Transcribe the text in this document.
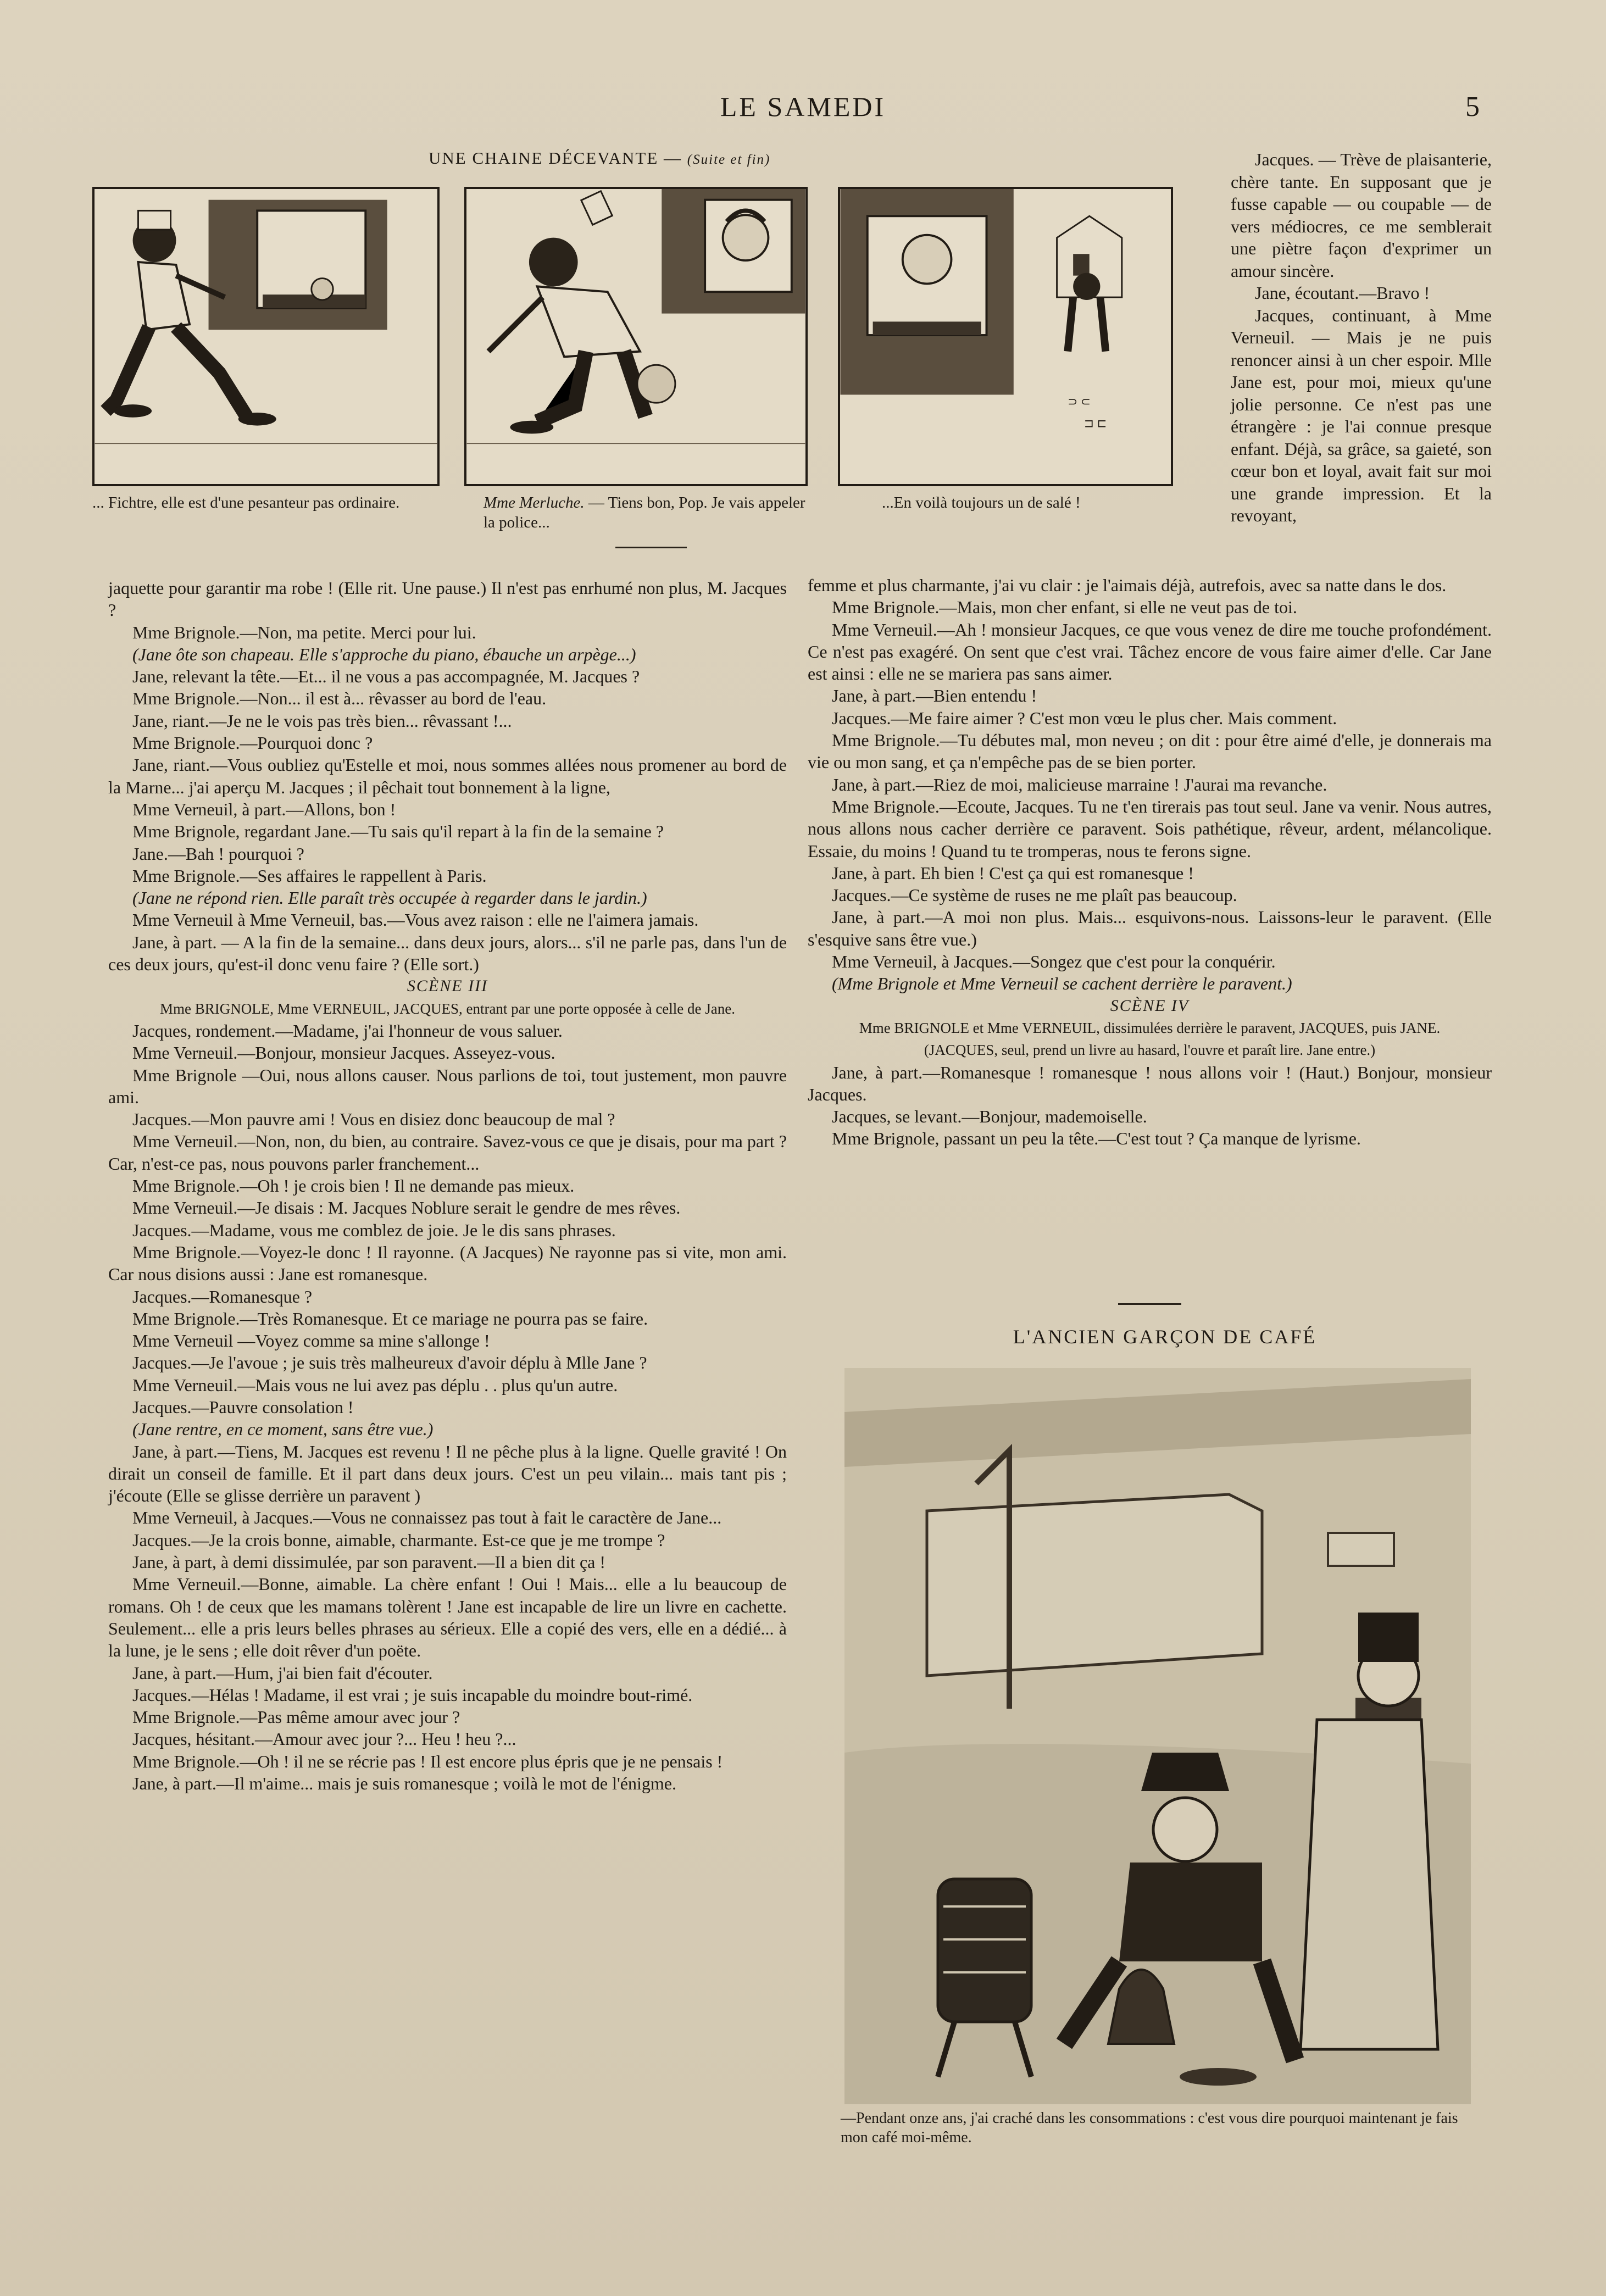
LE SAMEDI	5
UNE CHAINE DÉCEVANTE — (Suite et fin)
⊃ ⊂
⊐ ⊏
... Fichtre, elle est d'une pesanteur pas ordinaire.	Mme Merluche. — Tiens bon, Pop. Je vais appeler la police...
...En voilà toujours un de salé !

Jacques. — Trève de plaisanterie, chère tante. En supposant que je fusse capable — ou coupable — de vers médiocres, ce me semblerait une piètre façon d'exprimer un amour sincère.

Jane, écoutant.—Bravo !

Jacques, continuant, à Mme Verneuil. — Mais je ne puis renoncer ainsi à un cher espoir. Mlle Jane est, pour moi, mieux qu'une jolie personne. Ce n'est pas une étrangère : je l'ai connue presque enfant. Déjà, sa grâce, sa gaieté, son cœur bon et loyal, avait fait sur moi une grande impression. Et la revoyant,

jaquette pour garantir ma robe ! (Elle rit. Une pause.) Il n'est pas enrhumé non plus, M. Jacques ?

Mme Brignole.—Non, ma petite. Merci pour lui.

(Jane ôte son chapeau. Elle s'approche du piano, ébauche un arpège...)

Jane, relevant la tête.—Et... il ne vous a pas accompagnée, M. Jacques ?

Mme Brignole.—Non... il est à... rêvasser au bord de l'eau.

Jane, riant.—Je ne le vois pas très bien... rêvassant !...

Mme Brignole.—Pourquoi donc ?

Jane, riant.—Vous oubliez qu'Estelle et moi, nous sommes allées nous promener au bord de la Marne... j'ai aperçu M. Jacques ; il pêchait tout bonnement à la ligne,

Mme Verneuil, à part.—Allons, bon !

Mme Brignole, regardant Jane.—Tu sais qu'il repart à la fin de la semaine ?

Jane.—Bah ! pourquoi ?

Mme Brignole.—Ses affaires le rappellent à Paris.

(Jane ne répond rien. Elle paraît très occupée à regarder dans le jardin.)

Mme Verneuil à Mme Verneuil, bas.—Vous avez raison : elle ne l'aimera jamais.

Jane, à part. — A la fin de la semaine... dans deux jours, alors... s'il ne parle pas, dans l'un de ces deux jours, qu'est-il donc venu faire ? (Elle sort.)

SCÈNE III

Mme BRIGNOLE, Mme VERNEUIL, JACQUES, entrant par une porte opposée à celle de Jane.

Jacques, rondement.—Madame, j'ai l'honneur de vous saluer.

Mme Verneuil.—Bonjour, monsieur Jacques. Asseyez-vous.

Mme Brignole —Oui, nous allons causer. Nous parlions de toi, tout justement, mon pauvre ami.

Jacques.—Mon pauvre ami ! Vous en disiez donc beaucoup de mal ?

Mme Verneuil.—Non, non, du bien, au contraire. Savez-vous ce que je disais, pour ma part ? Car, n'est-ce pas, nous pouvons parler franchement...

Mme Brignole.—Oh ! je crois bien ! Il ne demande pas mieux.

Mme Verneuil.—Je disais : M. Jacques Noblure serait le gendre de mes rêves.

Jacques.—Madame, vous me comblez de joie. Je le dis sans phrases.

Mme Brignole.—Voyez-le donc ! Il rayonne. (A Jacques) Ne rayonne pas si vite, mon ami. Car nous disions aussi : Jane est romanesque.

Jacques.—Romanesque ?

Mme Brignole.—Très Romanesque. Et ce mariage ne pourra pas se faire.

Mme Verneuil —Voyez comme sa mine s'allonge !

Jacques.—Je l'avoue ; je suis très malheureux d'avoir déplu à Mlle Jane ?

Mme Verneuil.—Mais vous ne lui avez pas déplu . . plus qu'un autre.

Jacques.—Pauvre consolation !

(Jane rentre, en ce moment, sans être vue.)

Jane, à part.—Tiens, M. Jacques est revenu ! Il ne pêche plus à la ligne. Quelle gravité ! On dirait un conseil de famille. Et il part dans deux jours. C'est un peu vilain... mais tant pis ; j'écoute (Elle se glisse derrière un paravent )

Mme Verneuil, à Jacques.—Vous ne connaissez pas tout à fait le caractère de Jane...

Jacques.—Je la crois bonne, aimable, charmante. Est-ce que je me trompe ?

Jane, à part, à demi dissimulée, par son paravent.—Il a bien dit ça !

Mme Verneuil.—Bonne, aimable. La chère enfant ! Oui ! Mais... elle a lu beaucoup de romans. Oh ! de ceux que les mamans tolèrent ! Jane est incapable de lire un livre en cachette. Seulement... elle a pris leurs belles phrases au sérieux. Elle a copié des vers, elle en a dédié... à la lune, je le sens ; elle doit rêver d'un poëte.

Jane, à part.—Hum, j'ai bien fait d'écouter.

Jacques.—Hélas ! Madame, il est vrai ; je suis incapable du moindre bout-rimé.

Mme Brignole.—Pas même amour avec jour ?

Jacques, hésitant.—Amour avec jour ?... Heu ! heu ?...

Mme Brignole.—Oh ! il ne se récrie pas ! Il est encore plus épris que je ne pensais !

Jane, à part.—Il m'aime... mais je suis romanesque ; voilà le mot de l'énigme.

femme et plus charmante, j'ai vu clair : je l'aimais déjà, autrefois, avec sa natte dans le dos.

Mme Brignole.—Mais, mon cher enfant, si elle ne veut pas de toi.

Mme Verneuil.—Ah ! monsieur Jacques, ce que vous venez de dire me touche profondément. Ce n'est pas exagéré. On sent que c'est vrai. Tâchez encore de vous faire aimer d'elle. Car Jane est ainsi : elle ne se mariera pas sans aimer.

Jane, à part.—Bien entendu !

Jacques.—Me faire aimer ? C'est mon vœu le plus cher. Mais comment.

Mme Brignole.—Tu débutes mal, mon neveu ; on dit : pour être aimé d'elle, je donnerais ma vie ou mon sang, et ça n'empêche pas de se bien porter.

Jane, à part.—Riez de moi, malicieuse marraine ! J'aurai ma revanche.

Mme Brignole.—Ecoute, Jacques. Tu ne t'en tirerais pas tout seul. Jane va venir. Nous autres, nous allons nous cacher derrière ce paravent. Sois pathétique, rêveur, ardent, mélancolique. Essaie, du moins ! Quand tu te tromperas, nous te ferons signe.

Jane, à part. Eh bien ! C'est ça qui est romanesque !

Jacques.—Ce système de ruses ne me plaît pas beaucoup.

Jane, à part.—A moi non plus. Mais... esquivons-nous. Laissons-leur le paravent. (Elle s'esquive sans être vue.)

Mme Verneuil, à Jacques.—Songez que c'est pour la conquérir.

(Mme Brignole et Mme Verneuil se cachent derrière le paravent.)

SCÈNE IV

Mme BRIGNOLE et Mme VERNEUIL, dissimulées derrière le paravent, JACQUES, puis JANE.

(JACQUES, seul, prend un livre au hasard, l'ouvre et paraît lire. Jane entre.)

Jane, à part.—Romanesque ! romanesque ! nous allons voir ! (Haut.) Bonjour, monsieur Jacques.

Jacques, se levant.—Bonjour, mademoiselle.

Mme Brignole, passant un peu la tête.—C'est tout ? Ça manque de lyrisme.

L'ANCIEN GARÇON DE CAFÉ
—Pendant onze ans, j'ai craché dans les consommations : c'est vous dire pourquoi maintenant je fais mon café moi-même.
